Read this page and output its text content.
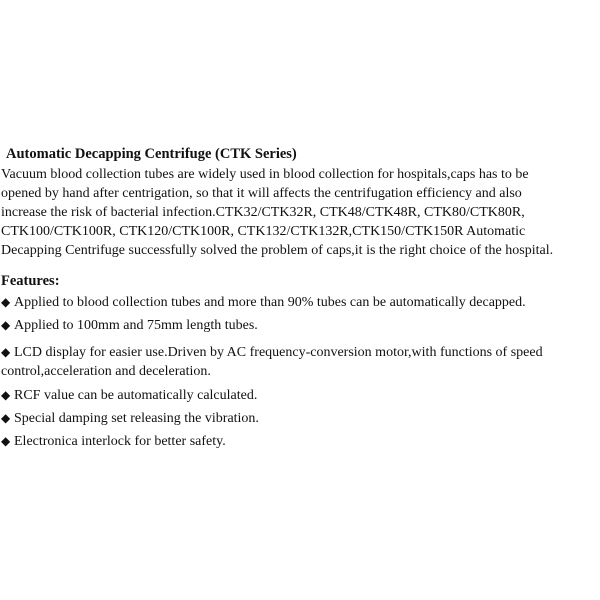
Automatic Decapping Centrifuge (CTK Series)

Vacuum blood collection tubes are widely used in blood collection for hospitals,caps has to be
opened by hand after centrigation, so that it will affects the centrifugation efficiency and also
increase the risk of bacterial infection.CTK32/CTK32R, CTK48/CTK48R, CTK80/CTK80R,
CTK100/CTK100R, CTK120/CTK100R, CTK132/CTK132R,CTK150/CTK150R Automatic
Decapping Centrifuge successfully solved the problem of caps,it is the right choice of the hospital.

Features:

◆ Applied to blood collection tubes and more than 90% tubes can be automatically decapped.

◆ Applied to 100mm and 75mm length tubes.

◆ LCD display for easier use.Driven by AC frequency-conversion motor,with functions of speed
control,acceleration and deceleration.

◆ RCF value can be automatically calculated.

◆ Special damping set releasing the vibration.

◆ Electronica interlock for better safety.
